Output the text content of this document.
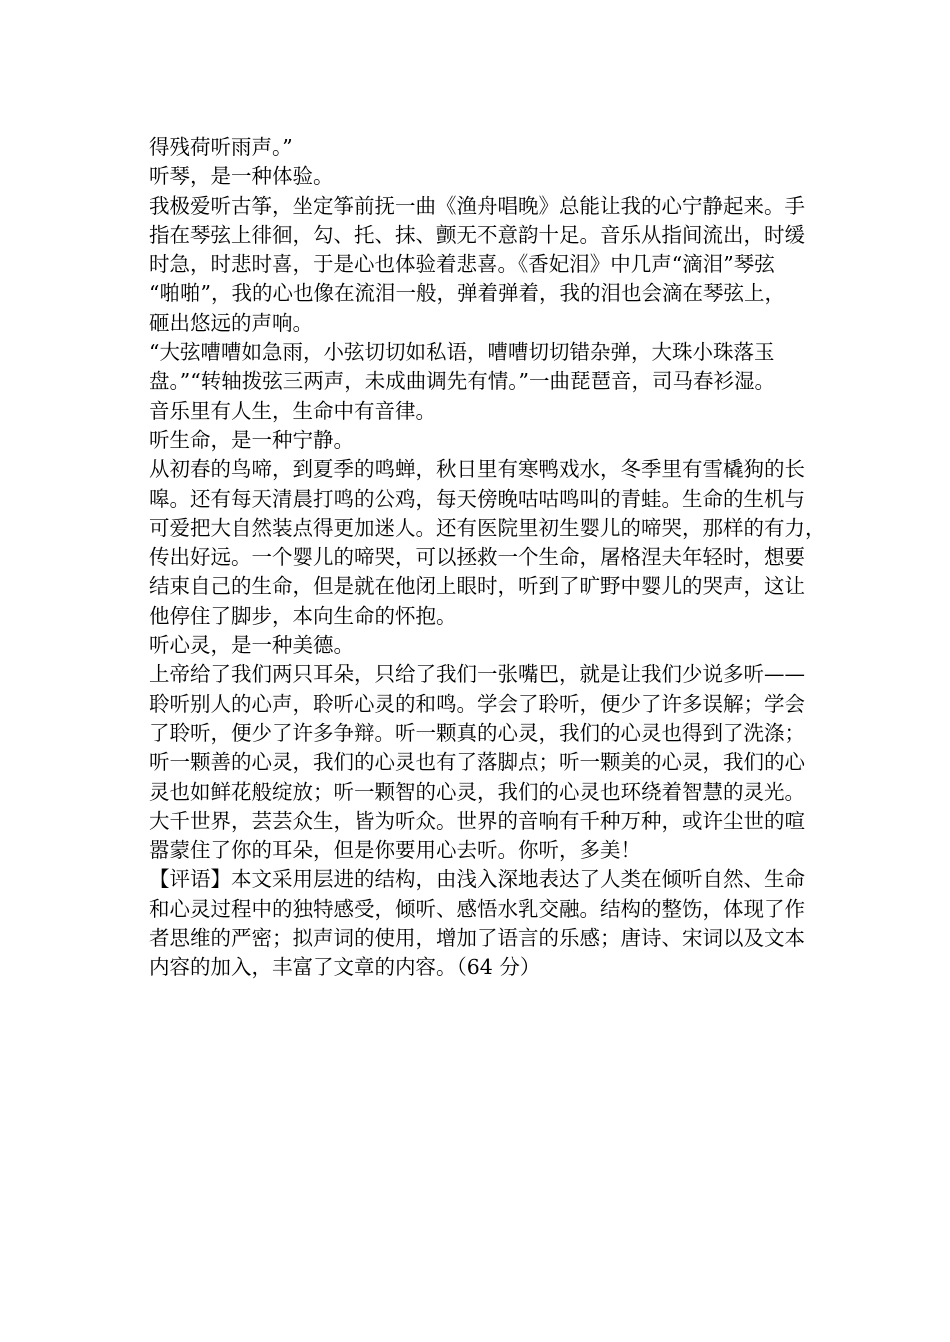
得残荷听雨声。”

听琴，是一种体验。

我极爱听古筝，坐定筝前抚一曲《渔舟唱晚》总能让我的心宁静起来。手
指在琴弦上徘徊，勾、托、抹、颤无不意韵十足。音乐从指间流出，时缓
时急，时悲时喜，于是心也体验着悲喜。《香妃泪》中几声“滴泪”琴弦
“啪啪”，我的心也像在流泪一般，弹着弹着，我的泪也会滴在琴弦上，
砸出悠远的声响。

“大弦嘈嘈如急雨，小弦切切如私语，嘈嘈切切错杂弹，大珠小珠落玉
盘。”“转轴拨弦三两声，未成曲调先有情。”一曲琵琶音，司马春衫湿。
音乐里有人生，生命中有音律。

听生命，是一种宁静。

从初春的鸟啼，到夏季的鸣蝉，秋日里有寒鸭戏水，冬季里有雪橇狗的长
嗥。还有每天清晨打鸣的公鸡，每天傍晚咕咕鸣叫的青蛙。生命的生机与
可爱把大自然装点得更加迷人。还有医院里初生婴儿的啼哭，那样的有力，
传出好远。一个婴儿的啼哭，可以拯救一个生命，屠格涅夫年轻时，想要
结束自己的生命，但是就在他闭上眼时，听到了旷野中婴儿的哭声，这让
他停住了脚步，本向生命的怀抱。

听心灵，是一种美德。

上帝给了我们两只耳朵，只给了我们一张嘴巴，就是让我们少说多听——
聆听别人的心声，聆听心灵的和鸣。学会了聆听，便少了许多误解；学会
了聆听，便少了许多争辩。听一颗真的心灵，我们的心灵也得到了洗涤；
听一颗善的心灵，我们的心灵也有了落脚点；听一颗美的心灵，我们的心
灵也如鲜花般绽放；听一颗智的心灵，我们的心灵也环绕着智慧的灵光。

大千世界，芸芸众生，皆为听众。世界的音响有千种万种，或许尘世的喧
嚣蒙住了你的耳朵，但是你要用心去听。你听，多美！

【评语】本文采用层进的结构，由浅入深地表达了人类在倾听自然、生命
和心灵过程中的独特感受，倾听、感悟水乳交融。结构的整饬，体现了作
者思维的严密；拟声词的使用，增加了语言的乐感；唐诗、宋词以及文本
内容的加入，丰富了文章的内容。（64 分）
